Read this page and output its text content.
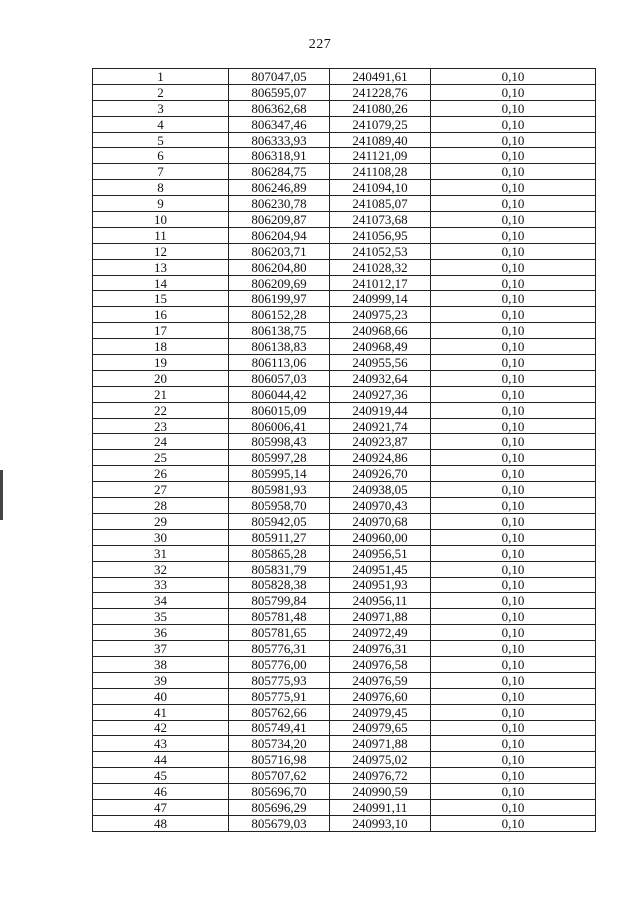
227
1	807047,05	240491,61	0,10
2	806595,07	241228,76	0,10
3	806362,68	241080,26	0,10
4	806347,46	241079,25	0,10
5	806333,93	241089,40	0,10
6	806318,91	241121,09	0,10
7	806284,75	241108,28	0,10
8	806246,89	241094,10	0,10
9	806230,78	241085,07	0,10
10	806209,87	241073,68	0,10
11	806204,94	241056,95	0,10
12	806203,71	241052,53	0,10
13	806204,80	241028,32	0,10
14	806209,69	241012,17	0,10
15	806199,97	240999,14	0,10
16	806152,28	240975,23	0,10
17	806138,75	240968,66	0,10
18	806138,83	240968,49	0,10
19	806113,06	240955,56	0,10
20	806057,03	240932,64	0,10
21	806044,42	240927,36	0,10
22	806015,09	240919,44	0,10
23	806006,41	240921,74	0,10
24	805998,43	240923,87	0,10
25	805997,28	240924,86	0,10
26	805995,14	240926,70	0,10
27	805981,93	240938,05	0,10
28	805958,70	240970,43	0,10
29	805942,05	240970,68	0,10
30	805911,27	240960,00	0,10
31	805865,28	240956,51	0,10
32	805831,79	240951,45	0,10
33	805828,38	240951,93	0,10
34	805799,84	240956,11	0,10
35	805781,48	240971,88	0,10
36	805781,65	240972,49	0,10
37	805776,31	240976,31	0,10
38	805776,00	240976,58	0,10
39	805775,93	240976,59	0,10
40	805775,91	240976,60	0,10
41	805762,66	240979,45	0,10
42	805749,41	240979,65	0,10
43	805734,20	240971,88	0,10
44	805716,98	240975,02	0,10
45	805707,62	240976,72	0,10
46	805696,70	240990,59	0,10
47	805696,29	240991,11	0,10
48	805679,03	240993,10	0,10
